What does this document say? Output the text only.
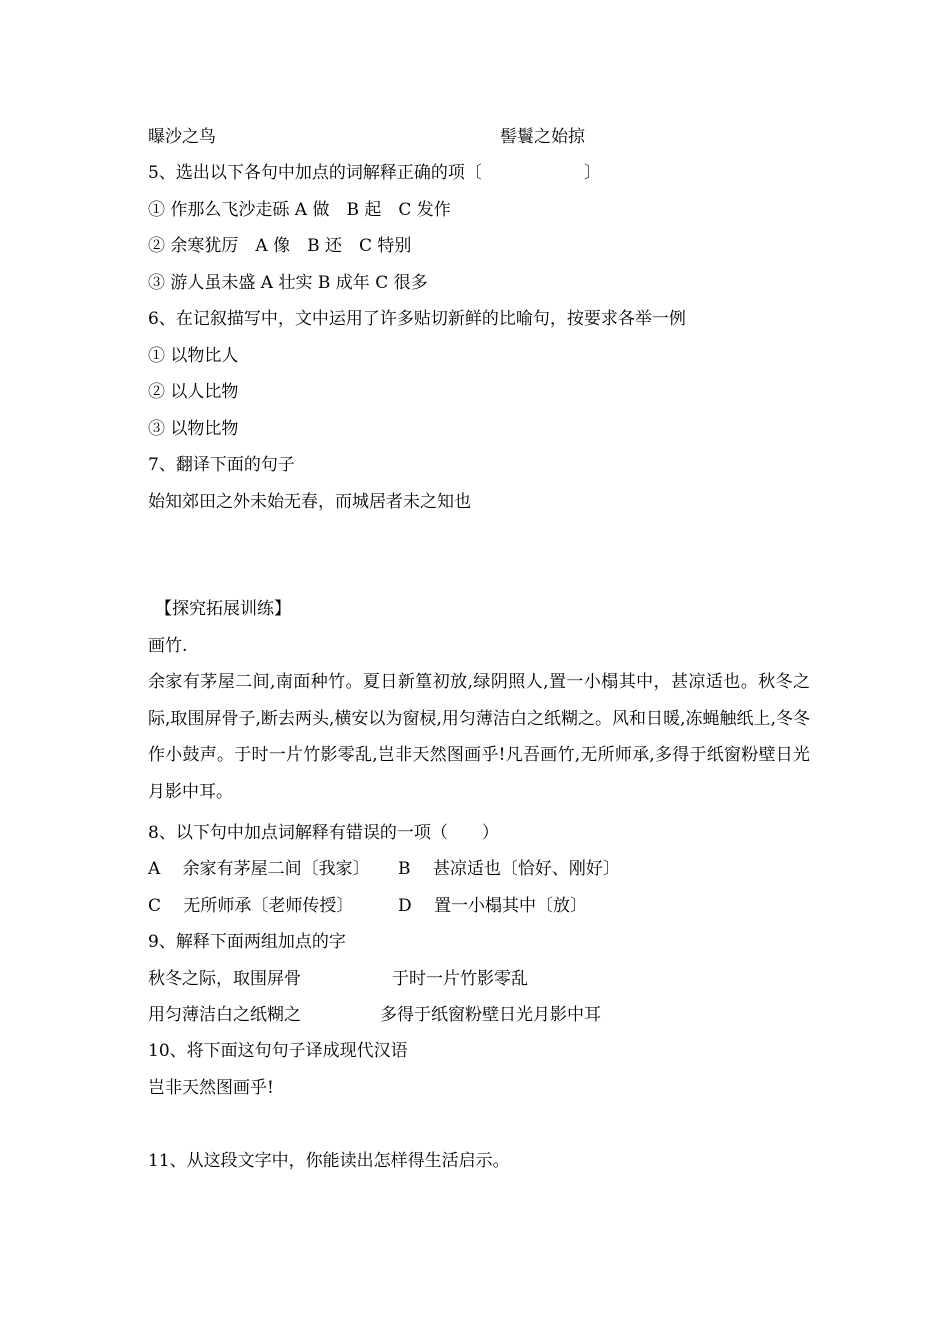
曝沙之鸟	髻鬟之始掠
5、选出以下各句中加点的词解释正确的项〔　　　　　　〕
① 作那么飞沙走砾 A 做　B 起　C 发作
② 余寒犹厉　A 像　B 还　C 特别
③ 游人虽未盛 A 壮实 B 成年 C 很多
6、在记叙描写中，文中运用了许多贴切新鲜的比喻句，按要求各举一例
① 以物比人
② 以人比物
③ 以物比物
7、翻译下面的句子
始知郊田之外未始无春，而城居者未之知也
【探究拓展训练】
画竹.
余家有茅屋二间,南面种竹。夏日新篁初放,绿阴照人,置一小榻其中，甚凉适也。秋冬之际,取围屏骨子,断去两头,横安以为窗棂,用匀薄洁白之纸糊之。风和日暖,冻蝇触纸上,冬冬作小鼓声。于时一片竹影零乱,岂非天然图画乎!凡吾画竹,无所师承,多得于纸窗粉壁日光月影中耳。
8、以下句中加点词解释有错误的一项（　　）
A　 余家有茅屋二间〔我家〕 B　 甚凉适也〔恰好、刚好〕
C　 无所师承〔老师传授〕	D　 置一小榻其中〔放〕
9、解释下面两组加点的字
秋冬之际，取围屏骨	于时一片竹影零乱
用匀薄洁白之纸糊之	多得于纸窗粉壁日光月影中耳
10、将下面这句句子译成现代汉语
岂非天然图画乎!
11、从这段文字中，你能读出怎样得生活启示。
